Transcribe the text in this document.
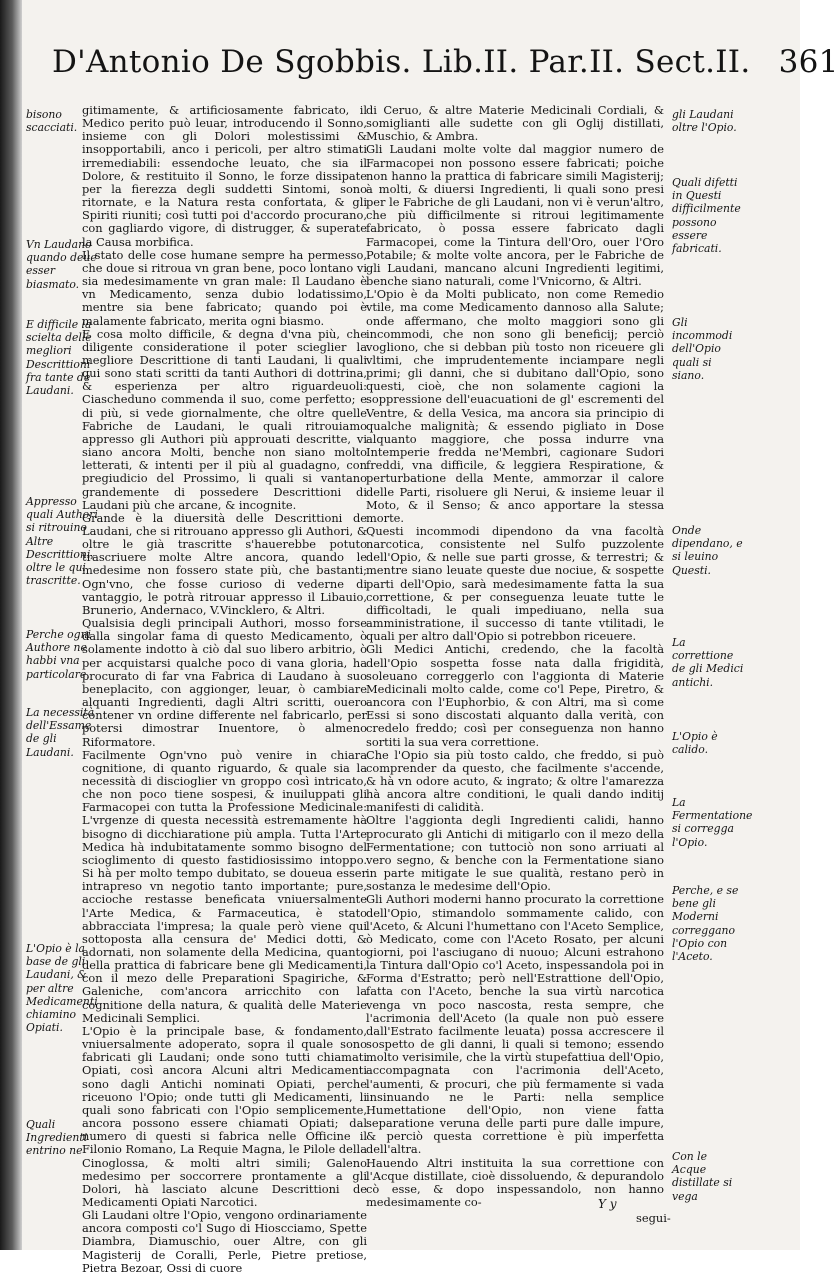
D'Antonio De Sgobbis. Lib.II. Par.II. Sect.II. 361

bisono scacciati.

Vn Laudano quando deue esser biasmato.

E difficile la scielta delle megliori Descrittioni fra tante de Laudani.

Appresso quali Authori si ritrouino Altre Descrittioni, oltre le qui trascritte.

Perche ogni Authore ne habbi vna particolare.

La necessità dell'Essame de gli Laudani.

L'Opio è la base de gli Laudani, & per altre Medicamenti chiamino Opiati.

Quali Ingredienti entrino ne

gitimamente, & artificiosamente fabricato, il Medico perito può leuar, introducendo il Sonno, insieme con gli Dolori molestissimi & insopportabili, anco i pericoli, per altro stimati irremediabili: essendoche leuato, che sia il Dolore, & restituito il Sonno, le forze dissipate per la fierezza degli suddetti Sintomi, sono ritornate, e la Natura resta confortata, & gli Spiriti riuniti; così tutti poi d'accordo procurano, con gagliardo vigore, di distrugger, & superate la Causa morbifica.

Il stato delle cose humane sempre ha permesso, che doue si ritroua vn gran bene, poco lontano vi sia medesimamente vn gran male: Il Laudano è vn Medicamento, senza dubio lodatissimo, mentre sia bene fabricato; quando poi è malamente fabricato, merita ogni biasmo.

E cosa molto difficile, & degna d'vna più, che diligente consideratione il poter scieglier la megliore Descrittione di tanti Laudani, li quali qui sono stati scritti da tanti Authori di dottrina, & esperienza per altro riguardeuoli: Ciascheduno commenda il suo, come perfetto; e di più, si vede giornalmente, che oltre quelle Fabriche de Laudani, le quali ritrouiamo appresso gli Authori più approuati descritte, vi siano ancora Molti, benche non siano molto letterati, & intenti per il più al guadagno, con pregiudicio del Prossimo, li quali si vantano grandemente di possedere Descrittioni di Laudani più che arcane, & incognite.

Grande è la diuersità delle Descrittioni de Laudani, che si ritrouano appresso gli Authori, & oltre le già trascritte s'hauerebbe potuto trascriuere molte Altre ancora, quando le medesime non fossero state più, che bastanti; Ogn'vno, che fosse curioso di vederne di vantaggio, le potrà ritrouar appresso il Libauio, Brunerio, Andernaco, V.Vincklero, & Altri.

Qualsisia degli principali Authori, mosso forse dalla singolar fama di questo Medicamento, ò solamente indotto à ciò dal suo libero arbitrio, ò per acquistarsi qualche poco di vana gloria, ha procurato di far vna Fabrica di Laudano à suo beneplacito, con aggionger, leuar, ò cambiare alquanti Ingredienti, dagli Altri scritti, ouero contener vn ordine differente nel fabricarlo, per potersi dimostrar Inuentore, ò almeno Riformatore.

Facilmente Ogn'vno può venire in chiara cognitione, di quanto riguardo, & quale sia la necessità di discioglier vn groppo così intricato, che non poco tiene sospesi, & inuiluppati gli Farmacopei con tutta la Professione Medicinale: L'vrgenze di questa necessità estremamente hà bisogno di dicchiaratione più ampla. Tutta l'Arte Medica hà indubitatamente sommo bisogno del scioglimento di questo fastidiosissimo intoppo. Si hà per molto tempo dubitato, se doueua esser intrapreso vn negotio tanto importante; pure, accioche restasse beneficata vniuersalmente l'Arte Medica, & Farmaceutica, è stato abbracciata l'impresa; la quale però viene qui sottoposta alla censura de' Medici dotti, & adornati, non solamente della Medicina, quanto della prattica di fabricare bene gli Medicamenti, con il mezo delle Preparationi Spagiriche, & Galeniche, com'ancora arricchito con la cognitione della natura, & qualità delle Materie Medicinali Semplici.

L'Opio è la principale base, & fondamento, vniuersalmente adoperato, sopra il quale sono fabricati gli Laudani; onde sono tutti chiamati Opiati, così ancora Alcuni altri Medicamenti sono dagli Antichi nominati Opiati, perche riceuono l'Opio; onde tutti gli Medicamenti, li quali sono fabricati con l'Opio semplicemente, ancora possono essere chiamati Opiati; dal numero di questi si fabrica nelle Officine il Filonio Romano, La Requie Magna, le Pilole della Cinoglossa, & molti altri simili; Galeno medesimo per soccorrere prontamente a gli Dolori, hà lasciato alcune Descrittioni de Medicamenti Opiati Narcotici.

Gli Laudani oltre l'Opio, vengono ordinariamente ancora composti co'l Sugo di Hioscciamo, Spette Diambra, Diamuschio, ouer Altre, con gli Magisterij de Coralli, Perle, Pietre pretiose, Pietra Bezoar, Ossi di cuore

di Ceruo, & altre Materie Medicinali Cordiali, & somiglianti alle sudette con gli Oglij distillati, Muschio, & Ambra.

Gli Laudani molte volte dal maggior numero de Farmacopei non possono essere fabricati; poiche non hanno la prattica di fabricare simili Magisterij; à molti, & diuersi Ingredienti, li quali sono presi per le Fabriche de gli Laudani, non vi è verun'altro, che più difficilmente si ritroui legitimamente fabricato, ò possa essere fabricato dagli Farmacopei, come la Tintura dell'Oro, ouer l'Oro Potabile; & molte volte ancora, per le Fabriche de gli Laudani, mancano alcuni Ingredienti legitimi, benche siano naturali, come l'Vnicorno, & Altri.

L'Opio è da Molti publicato, non come Remedio vtile, ma come Medicamento dannoso alla Salute; onde affermano, che molto maggiori sono gli incommodi, che non sono gli beneficij; perciò vogliono, che si debban più tosto non riceuere gli vltimi, che imprudentemente inciampare negli primi; gli danni, che si dubitano dall'Opio, sono questi, cioè, che non solamente cagioni la soppressione dell'euacuationi de gl' escrementi del Ventre, & della Vesica, ma ancora sia principio di qualche malignità; & essendo pigliato in Dose alquanto maggiore, che possa indurre vna Intemperie fredda ne'Membri, cagionare Sudori freddi, vna difficile, & leggiera Respiratione, & perturbatione della Mente, ammorzar il calore delle Parti, risoluere gli Nerui, & insieme leuar il Moto, & il Senso; & anco apportare la stessa morte.

Questi incommodi dipendono da vna facoltà narcotica, consistente nel Sulfo puzzolente dell'Opio, & nelle sue parti grosse, & terrestri; & mentre siano leuate queste due nociue, & sospette parti dell'Opio, sarà medesimamente fatta la sua correttione, & per conseguenza leuate tutte le difficoltadi, le quali impediuano, nella sua amministratione, il successo di tante vtilitadi, le quali per altro dall'Opio si potrebbon riceuere.

Gli Medici Antichi, credendo, che la facoltà dell'Opio sospetta fosse nata dalla frigidità, soleuano correggerlo con l'aggionta di Materie Medicinali molto calde, come co'l Pepe, Piretro, & ancora con l'Euphorbio, & con Altri, ma sì come Essi si sono discostati alquanto dalla verità, con credelo freddo; così per conseguenza non hanno sortiti la sua vera correttione.

Che l'Opio sia più tosto caldo, che freddo, si può comprender da questo, che facilmente s'accende, & hà vn odore acuto, & ingrato; & oltre l'amarezza hà ancora altre conditioni, le quali dando inditij manifesti di calidità.

Oltre l'aggionta degli Ingredienti calidi, hanno procurato gli Antichi di mitigarlo con il mezo della Fermentatione; con tuttociò non sono arriuati al vero segno, & benche con la Fermentatione siano in parte mitigate le sue qualità, restano però in sostanza le medesime dell'Opio.

Gli Authori moderni hanno procurato la correttione dell'Opio, stimandolo sommamente calido, con l'Aceto, & Alcuni l'humettano con l'Aceto Semplice, ò Medicato, come con l'Aceto Rosato, per alcuni giorni, poi l'asciugano di nuouo; Alcuni estrahono la Tintura dall'Opio co'l Aceto, inspessandola poi in Forma d'Estratto; però nell'Estrattione dell'Opio, fatta con l'Aceto, benche la sua virtù narcotica venga vn poco nascosta, resta sempre, che l'acrimonia dell'Aceto (la quale non può essere dall'Estrato facilmente leuata) possa accrescere il sospetto de gli danni, li quali si temono; essendo molto verisimile, che la virtù stupefattiua dell'Opio, accompagnata con l'acrimonia dell'Aceto, l'aumenti, & procuri, che più fermamente si vada insinuando ne le Parti: nella semplice Humettatione dell'Opio, non viene fatta separatione veruna delle parti pure dalle impure, & perciò questa correttione è più imperfetta dell'altra.

Hauendo Altri instituita la sua correttione con l'Acque distillate, cioè dissoluendo, & depurandolo cò esse, & dopo inspessandolo, non hanno medesimamente co-

gli Laudani oltre l'Opio.

Quali difetti in Questi difficilmente possono essere fabricati.

Gli incommodi dell'Opio quali si siano.

Onde dipendano, e si leuino Questi.

La correttione de gli Medici antichi.

L'Opio è calido.

La Fermentatione si corregga l'Opio.

Perche, e se bene gli Moderni correggano l'Opio con l'Aceto.

Con le Acque distillate si vega

Y y
segui-
